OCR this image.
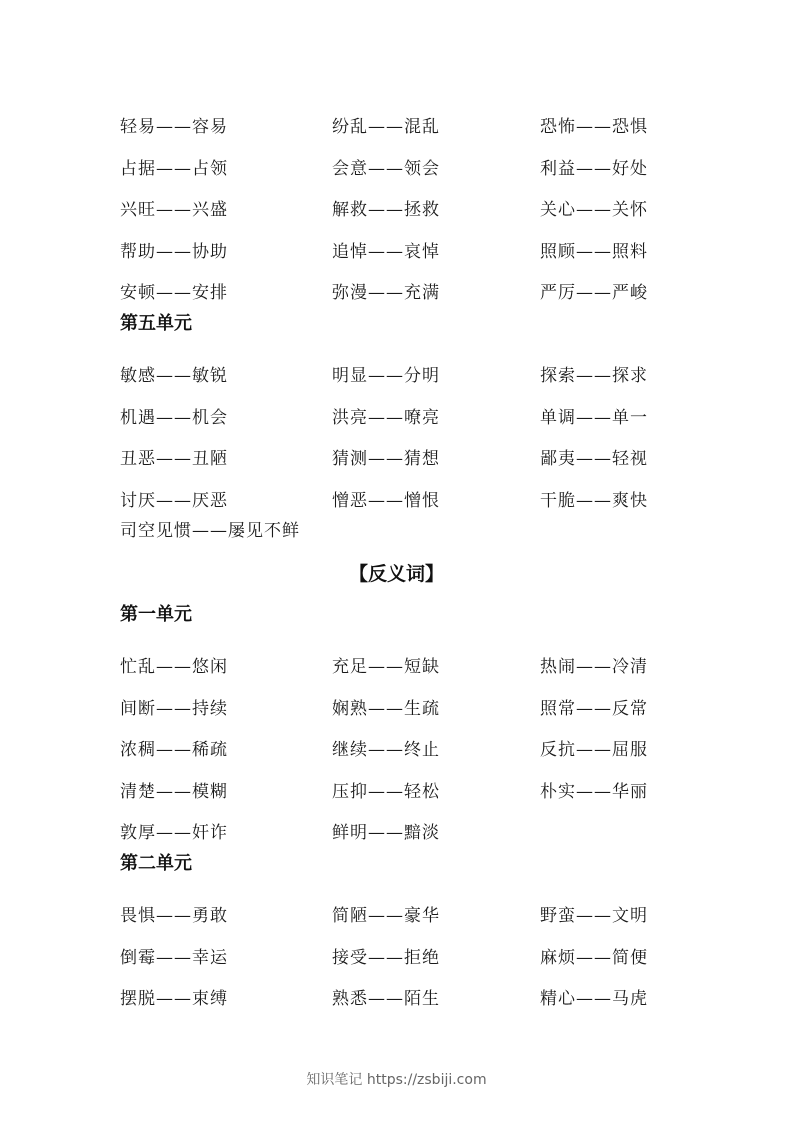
轻易——容易	纷乱——混乱	恐怖——恐惧
占据——占领	会意——领会	利益——好处
兴旺——兴盛	解救——拯救	关心——关怀
帮助——协助	追悼——哀悼	照顾——照料
安顿——安排	弥漫——充满	严厉——严峻
第五单元
敏感——敏锐	明显——分明	探索——探求
机遇——机会	洪亮——嘹亮	单调——单一
丑恶——丑陋	猜测——猜想	鄙夷——轻视
讨厌——厌恶	憎恶——憎恨	干脆——爽快
司空见惯——屡见不鲜
【反义词】
第一单元
忙乱——悠闲	充足——短缺	热闹——冷清
间断——持续	娴熟——生疏	照常——反常
浓稠——稀疏	继续——终止	反抗——屈服
清楚——模糊	压抑——轻松	朴实——华丽
敦厚——奸诈	鲜明——黯淡
第二单元
畏惧——勇敢	简陋——豪华	野蛮——文明
倒霉——幸运	接受——拒绝	麻烦——简便
摆脱——束缚	熟悉——陌生	精心——马虎
知识笔记 https://zsbiji.com
